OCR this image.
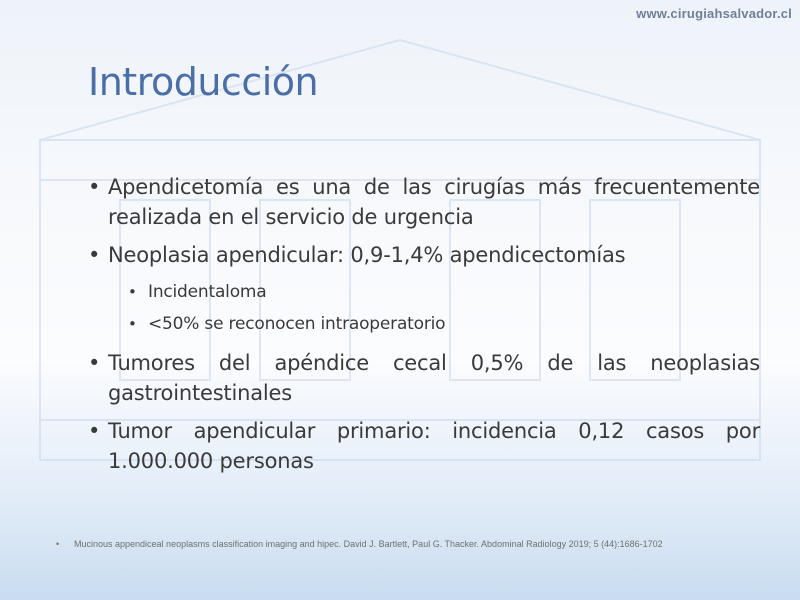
www.cirugiahsalvador.cl
Introducción

• Apendicetomía es una de las cirugías más frecuentemente realizada en el servicio de urgencia

• Neoplasia apendicular: 0,9-1,4% apendicectomías

• Incidentaloma
• <50% se reconocen intraoperatorio

• Tumores del apéndice cecal 0,5% de las neoplasias gastrointestinales

• Tumor apendicular primario: incidencia 0,12 casos por 1.000.000 personas

•	Mucinous appendiceal neoplasms classification imaging and hipec. David J. Bartlett, Paul G. Thacker. Abdominal Radiology 2019; 5 (44):1686-1702
